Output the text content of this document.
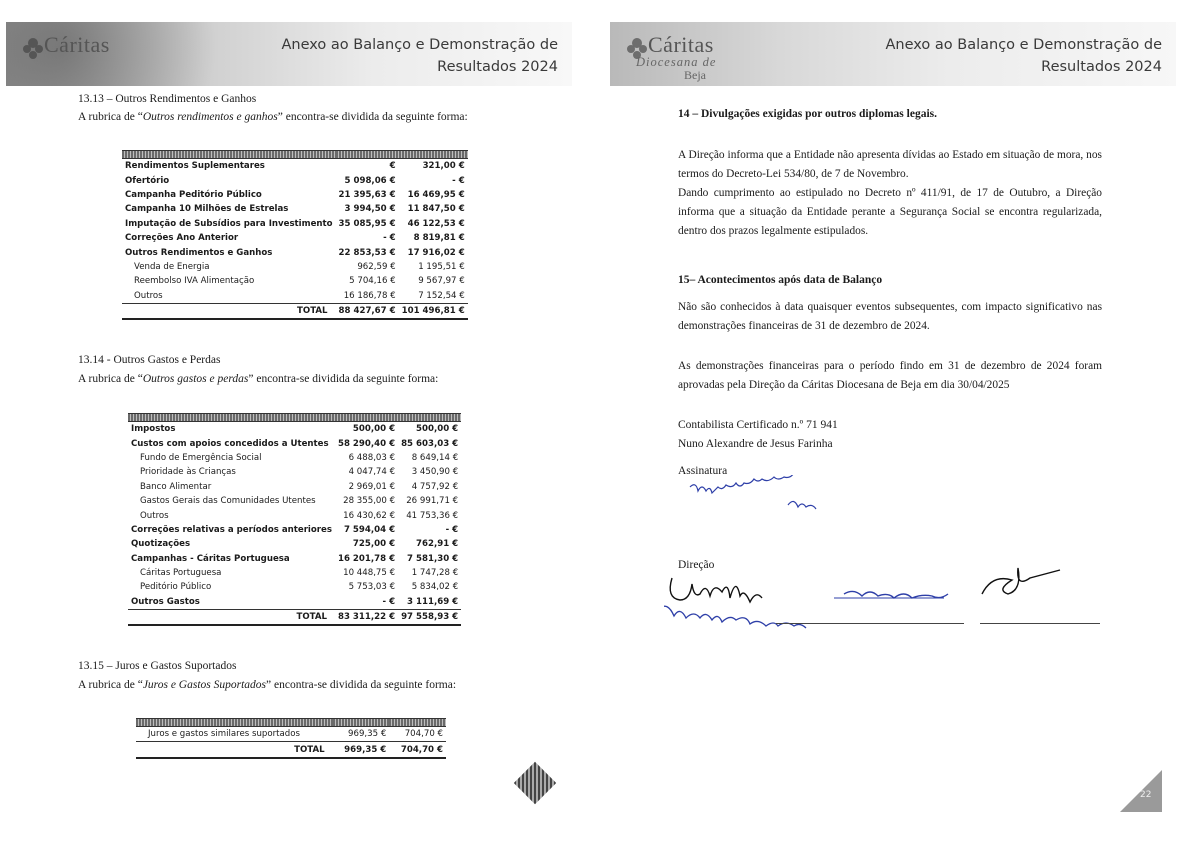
Cáritas	Anexo ao Balanço e Demonstração de
Resultados 2024
13.13 – Outros Rendimentos e Ganhos
A rubrica de “Outros rendimentos e ganhos” encontra-se dividida da seguinte forma:

Rendimentos Suplementares	€	321,00 €
Ofertório	5 098,06 €	- €
Campanha Peditório Público	21 395,63 €	16 469,95 €
Campanha 10 Milhões de Estrelas	3 994,50 €	11 847,50 €
Imputação de Subsídios para Investimento	35 085,95 €	46 122,53 €
Correções Ano Anterior	- €	8 819,81 €
Outros Rendimentos e Ganhos	22 853,53 €	17 916,02 €
Venda de Energia	962,59 €	1 195,51 €
Reembolso IVA Alimentação	5 704,16 €	9 567,97 €
Outros	16 186,78 €	7 152,54 €
TOTAL	88 427,67 €	101 496,81 €
13.14 - Outros Gastos e Perdas
A rubrica de “Outros gastos e perdas” encontra-se dividida da seguinte forma:

Impostos	500,00 €	500,00 €
Custos com apoios concedidos a Utentes	58 290,40 €	85 603,03 €
Fundo de Emergência Social	6 488,03 €	8 649,14 €
Prioridade às Crianças	4 047,74 €	3 450,90 €
Banco Alimentar	2 969,01 €	4 757,92 €
Gastos Gerais das Comunidades Utentes	28 355,00 €	26 991,71 €
Outros	16 430,62 €	41 753,36 €
Correções relativas a períodos anteriores	7 594,04 €	- €
Quotizações	725,00 €	762,91 €
Campanhas - Cáritas Portuguesa	16 201,78 €	7 581,30 €
Cáritas Portuguesa	10 448,75 €	1 747,28 €
Peditório Público	5 753,03 €	5 834,02 €
Outros Gastos	- €	3 111,69 €
TOTAL	83 311,22 €	97 558,93 €
13.15 – Juros e Gastos Suportados
A rubrica de “Juros e Gastos Suportados” encontra-se dividida da seguinte forma:

Juros e gastos similares suportados	969,35 €	704,70 €
TOTAL	969,35 €	704,70 €
Cáritas
Diocesana de
Beja
Anexo ao Balanço e Demonstração de
Resultados 2024
14 – Divulgações exigidas por outros diplomas legais.
A Direção informa que a Entidade não apresenta dívidas ao Estado em situação de mora, nos termos do Decreto-Lei 534/80, de 7 de Novembro.
Dando cumprimento ao estipulado no Decreto nº 411/91, de 17 de Outubro, a Direção informa que a situação da Entidade perante a Segurança Social se encontra regularizada, dentro dos prazos legalmente estipulados.
15– Acontecimentos após data de Balanço
Não são conhecidos à data quaisquer eventos subsequentes, com impacto significativo nas demonstrações financeiras de 31 de dezembro de 2024.
As demonstrações financeiras para o período findo em 31 de dezembro de 2024 foram aprovadas pela Direção da Cáritas Diocesana de Beja em dia 30/04/2025
Contabilista Certificado n.º 71 941
Nuno Alexandre de Jesus Farinha
Assinatura
Direção
22
